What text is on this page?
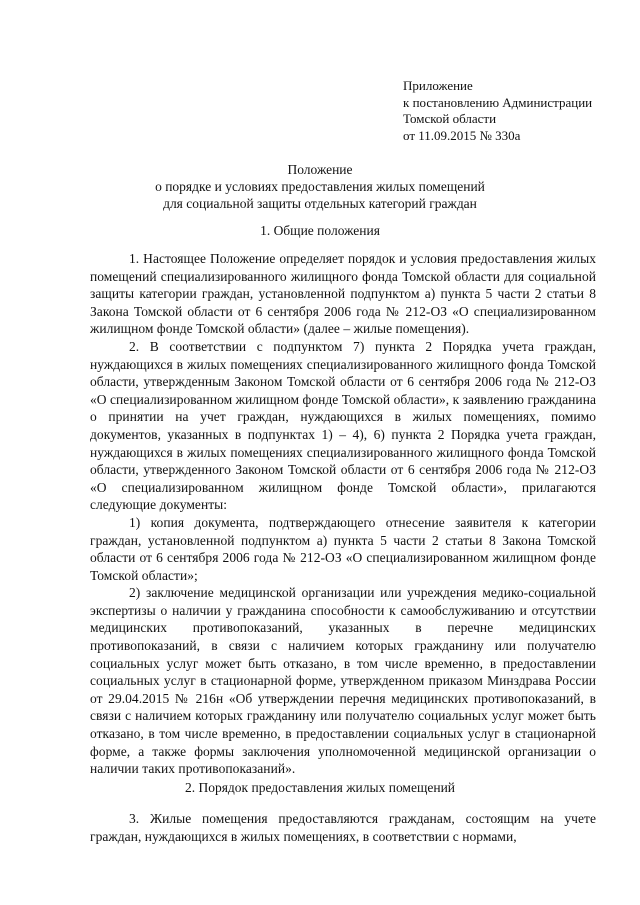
Приложение
к постановлению Администрации
Томской области
от 11.09.2015 № 330а
Положение
о порядке и условиях предоставления жилых помещений
для социальной защиты отдельных категорий граждан
1. Общие положения

1. Настоящее Положение определяет порядок и условия предоставления жилых помещений специализированного жилищного фонда Томской области для социальной защиты категории граждан, установленной подпунктом а) пункта 5 части 2 статьи 8 Закона Томской области от 6 сентября 2006 года № 212-ОЗ «О специализированном жилищном фонде Томской области» (далее – жилые помещения).

2. В соответствии с подпунктом 7) пункта 2 Порядка учета граждан, нуждающихся в жилых помещениях специализированного жилищного фонда Томской области, утвержденным Законом Томской области от 6 сентября 2006 года № 212-ОЗ «О специализированном жилищном фонде Томской области», к заявлению гражданина о принятии на учет граждан, нуждающихся в жилых помещениях, помимо документов, указанных в подпунктах 1) – 4), 6) пункта 2 Порядка учета граждан, нуждающихся в жилых помещениях специализированного жилищного фонда Томской области, утвержденного Законом Томской области от 6 сентября 2006 года № 212-ОЗ «О специализированном жилищном фонде Томской области», прилагаются следующие документы:

1) копия документа, подтверждающего отнесение заявителя к категории граждан, установленной подпунктом а) пункта 5 части 2 статьи 8 Закона Томской области от 6 сентября 2006 года № 212-ОЗ «О специализированном жилищном фонде Томской области»;

2) заключение медицинской организации или учреждения медико-социальной экспертизы о наличии у гражданина способности к самообслуживанию и отсутствии медицинских противопоказаний, указанных в перечне медицинских противопоказаний, в связи с наличием которых гражданину или получателю социальных услуг может быть отказано, в том числе временно, в предоставлении социальных услуг в стационарной форме, утвержденном приказом Минздрава России от 29.04.2015 № 216н «Об утверждении перечня медицинских противопоказаний, в связи с наличием которых гражданину или получателю социальных услуг может быть отказано, в том числе временно, в предоставлении социальных услуг в стационарной форме, а также формы заключения уполномоченной медицинской организации о наличии таких противопоказаний».

2. Порядок предоставления жилых помещений

3. Жилые помещения предоставляются гражданам, состоящим на учете граждан, нуждающихся в жилых помещениях, в соответствии с нормами,
